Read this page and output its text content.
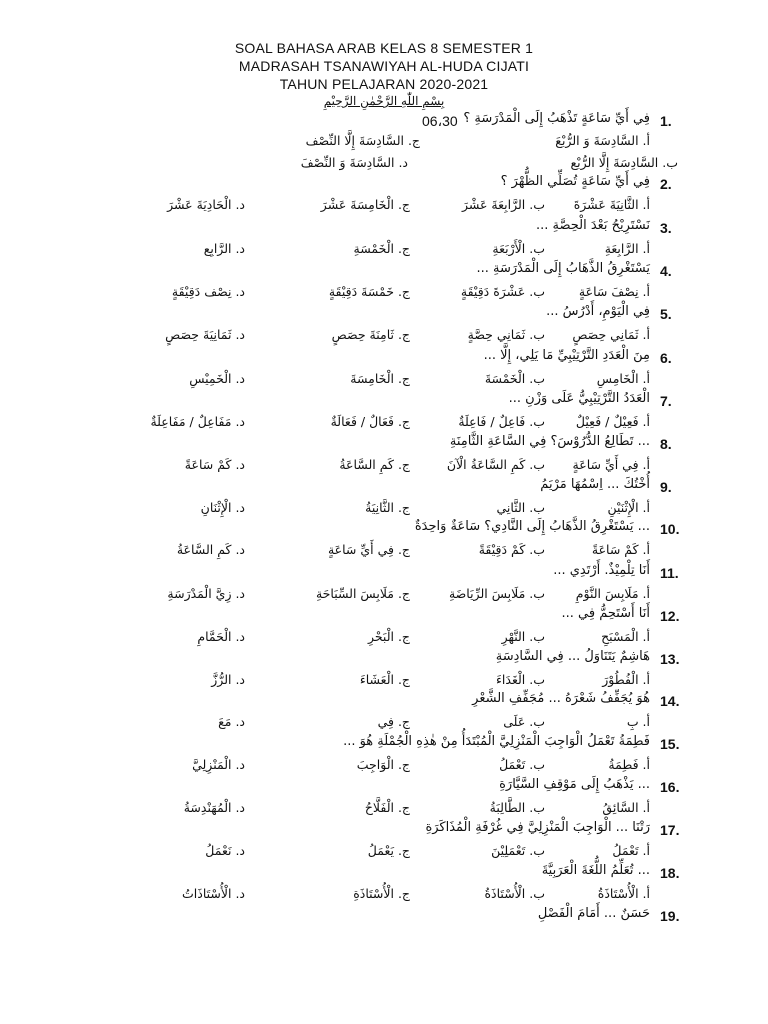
SOAL BAHASA ARAB KELAS 8 SEMESTER 1
MADRASAH TSANAWIYAH AL-HUDA CIJATI
TAHUN PELAJARAN 2020-2021
بِسْمِ اللّٰهِ الرَّحْمٰنِ الرَّحِيْمِ
1.
فِي أَيِّ سَاعَةٍ تَذْهَبُ إِلَى الْمَدْرَسَةِ ؟
06،30
أ. السَّادِسَةَ وَ الرُّبْعَج. السَّادِسَةَ إِلَّا النِّصْف
ب. السَّادِسَةَ إِلَّا الرُّبْعد. السَّادِسَةَ وَ النِّصْفَ
2.
فِي أَيِّ سَاعَةٍ تُصَلِّي الظُّهْرَ ؟
أ. الثَّانِيَةَ عَشْرَةَب. الرَّابِعَةَ عَشْرَج. الْخَامِسَةَ عَشْرَد. الْحَادِيَةَ عَشْرَ
3.
نَسْتَرِيْحُ بَعْدَ الْحِصَّةِ ...
أ. الرَّابِعَةِب. الْأَرْبَعَةِج. الْخَمْسَةِد. الرَّابِع
4.
يَسْتَغْرِقُ الذَّهَابُ إِلَى الْمَدْرَسَةِ ...
أ. نِصْفَ سَاعَةٍب. عَشْرَةَ دَقِيْقَةٍج. خَمْسَةَ دَقِيْقَةٍد. نِصْف دَقِيْقَةٍ
5.
فِي الْيَوْمِ، أَدْرُسُ ...
أ. ثَمَانِي حِصَصٍب. ثَمَانِي حِصَّةٍج. ثَامِنَةَ حِصَصٍد. ثَمَانِيَةَ حِصَصٍ
6.
مِنَ الْعَدَدِ التَّرْتِيْبِيِّ مَا يَلِي، إِلَّا ...
أ. الْخَامِسِب. الْخَمْسَةَج. الْخَامِسَةَد. الْخَمِيْسِ
7.
الْعَدَدُ التَّرْتِيْبِيُّ عَلَى وَزْنِ ...
أ. فَعِيْلٌ / فَعِيْلٌب. فَاعِلٌ / فَاعِلَةٌج. فَعَالٌ / فَعَالَةٌد. مَفَاعِلٌ / مَفَاعِلَةٌ
8.
... تَطَالِعُ الدُّرُوْسَ؟ فِي السَّاعَةِ الثَّامِنَةِ
أ. فِي أَيِّ سَاعَةٍب. كَمِ السَّاعَةُ الْآنَج. كَمِ السَّاعَةُد. كَمْ سَاعَةً
9.
أُخْتُكَ ... اِسْمُهَا مَرْيَمُ
أ. الْإِثْنَيْنِب. الثَّانِيج. الثَّانِيَةُد. الْإِثْنَانِ
10.
... يَسْتَغْرِقُ الذَّهَابُ إِلَى النَّادِي؟ سَاعَةٌ وَاحِدَةٌ
أ. كَمْ سَاعَةًب. كَمْ دَقِيْقَةًج. فِي أَيِّ سَاعَةٍد. كَمِ السَّاعَةُ
11.
أَنَا تِلْمِيْذٌ. أَرْتَدِي ...
أ. مَلَابِسَ النَّوْمِب. مَلَابِسَ الرِّيَاضَةِج. مَلَابِسَ السِّبَاحَةِد. زِيَّ الْمَدْرَسَةِ
12.
أَنَا أَسْتَحِمُّ فِي ...
أ. الْمَسْبَحِب. النَّهْرِج. الْبَحْرِد. الْحَمَّامِ
13.
هَاشِمٌ يَتَنَاوَلُ ... فِي السَّادِسَةِ
أ. الْفُطُوْرَب. الْغَدَاءَج. الْعَشَاءَد. الرُّزَّ
14.
هُوَ يُجَفِّفُ شَعْرَهُ ... مُجَفِّفِ الشَّعْرِ
أ. بِب. عَلَىج. فِيد. مَعَ
15.
فَطِمَةُ تَعْمَلُ الْوَاجِبَ الْمَنْزِلِيَّ الْمُبْتَدَأُ مِنْ هٰذِهِ الْجُمْلَةِ هُوَ ...
أ. فَطِمَةُب. تَعْمَلُج. الْوَاجِبَد. الْمَنْزِلِيَّ
16.
... يَذْهَبُ إِلَى مَوْقِفِ السَّيَّارَةِ
أ. السَّائِقُب. الطَّالِبَةُج. الْفَلَّاحُد. الْمُهَنْدِسَةُ
17.
رَتْنَا ... الْوَاجِبَ الْمَنْزِلِيَّ فِي غُرْفَةِ الْمُذَاكَرَةِ
أ. تَعْمَلُب. تَعْمَلِيْنَج. يَعْمَلُد. نَعْمَلُ
18.
... تُعَلِّمُ اللُّغَةَ الْعَرَبِيَّةَ
أ. الْأُسْتَاذَةُب. الْأُسْتَاذَةُج. الْأُسْتَاذَةِد. الْأُسْتَاذَاتُ
19.
حَسَنٌ ... أَمَامَ الْفَصْلِ
